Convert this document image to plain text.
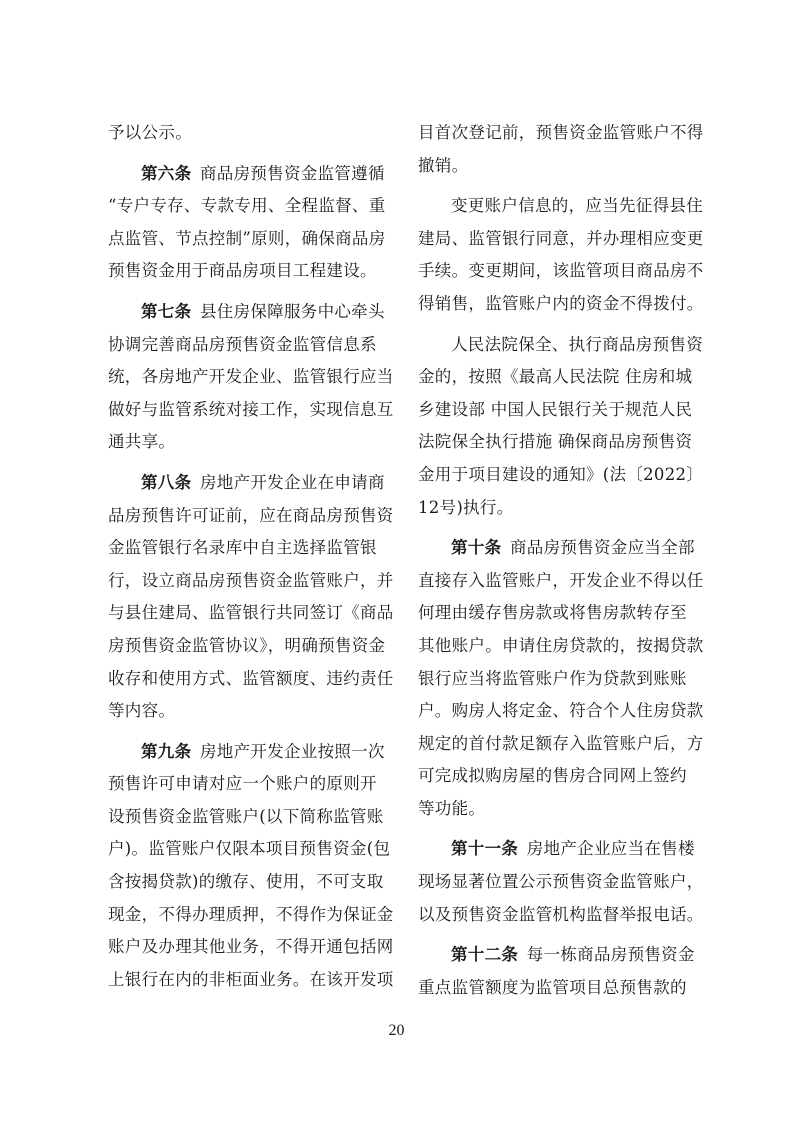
予以公示。
第六条  商品房预售资金监管遵循
“专户专存、专款专用、全程监督、重
点监管、节点控制”原则，确保商品房
预售资金用于商品房项目工程建设。
第七条  县住房保障服务中心牵头
协调完善商品房预售资金监管信息系
统，各房地产开发企业、监管银行应当
做好与监管系统对接工作，实现信息互
通共享。
第八条  房地产开发企业在申请商
品房预售许可证前，应在商品房预售资
金监管银行名录库中自主选择监管银
行，设立商品房预售资金监管账户，并
与县住建局、监管银行共同签订《商品
房预售资金监管协议》，明确预售资金
收存和使用方式、监管额度、违约责任
等内容。
第九条  房地产开发企业按照一次
预售许可申请对应一个账户的原则开
设预售资金监管账户(以下简称监管账
户)。监管账户仅限本项目预售资金(包
含按揭贷款)的缴存、使用，不可支取
现金，不得办理质押，不得作为保证金
账户及办理其他业务，不得开通包括网
上银行在内的非柜面业务。在该开发项
目首次登记前，预售资金监管账户不得
撤销。
变更账户信息的，应当先征得县住
建局、监管银行同意，并办理相应变更
手续。变更期间，该监管项目商品房不
得销售，监管账户内的资金不得拨付。
人民法院保全、执行商品房预售资
金的，按照《最高人民法院 住房和城
乡建设部 中国人民银行关于规范人民
法院保全执行措施 确保商品房预售资
金用于项目建设的通知》(法〔2022〕
12号)执行。
第十条  商品房预售资金应当全部
直接存入监管账户，开发企业不得以任
何理由缓存售房款或将售房款转存至
其他账户。申请住房贷款的，按揭贷款
银行应当将监管账户作为贷款到账账
户。购房人将定金、符合个人住房贷款
规定的首付款足额存入监管账户后，方
可完成拟购房屋的售房合同网上签约
等功能。
第十一条  房地产企业应当在售楼
现场显著位置公示预售资金监管账户，
以及预售资金监管机构监督举报电话。
第十二条  每一栋商品房预售资金
重点监管额度为监管项目总预售款的
20
